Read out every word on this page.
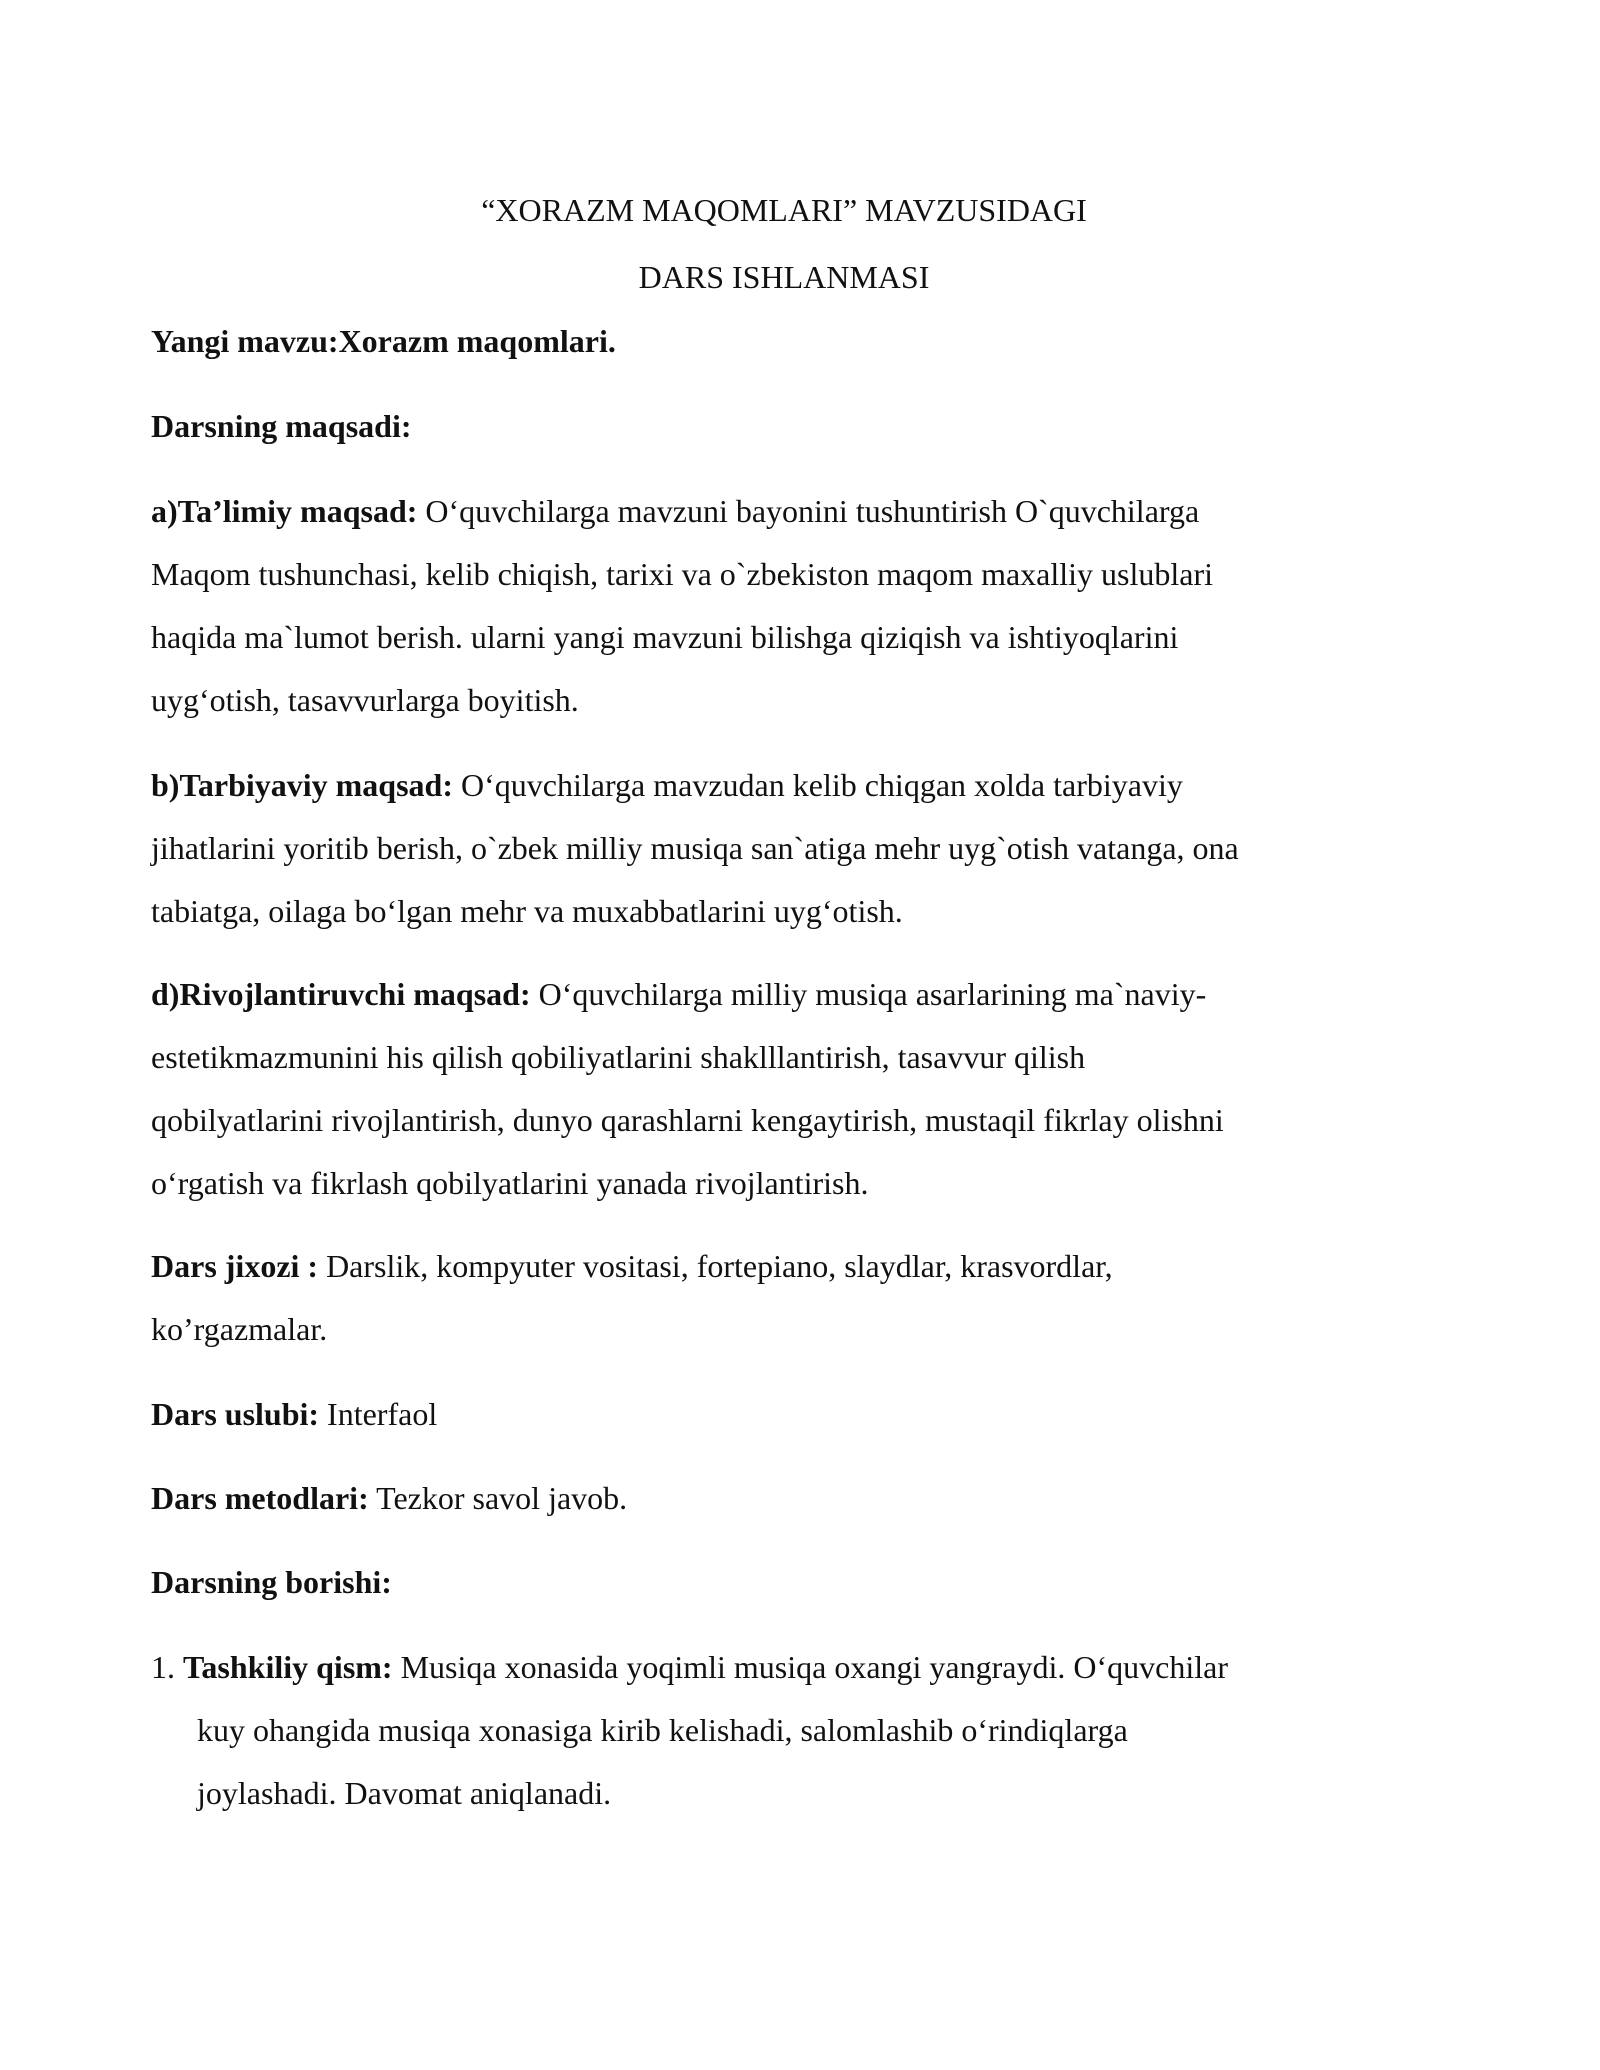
“XORAZM MAQOMLARI” MAVZUSIDAGI
DARS ISHLANMASI
Yangi mavzu:Xorazm maqomlari.
Darsning maqsadi:
a)Ta’limiy maqsad: O‘quvchilarga mavzuni bayonini tushuntirish O`quvchilarga
Maqom tushunchasi, kelib chiqish, tarixi va o`zbekiston maqom maxalliy uslublari
haqida ma`lumot berish. ularni yangi mavzuni bilishga qiziqish va ishtiyoqlarini
uyg‘otish, tasavvurlarga boyitish.
b)Tarbiyaviy maqsad: O‘quvchilarga mavzudan kelib chiqgan xolda tarbiyaviy
jihatlarini yoritib berish, o`zbek milliy musiqa san`atiga mehr uyg`otish vatanga, ona
tabiatga, oilaga bo‘lgan mehr va muxabbatlarini uyg‘otish.
d)Rivojlantiruvchi maqsad: O‘quvchilarga milliy musiqa asarlarining ma`naviy-
estetikmazmunini his qilish qobiliyatlarini shaklllantirish, tasavvur qilish
qobilyatlarini rivojlantirish, dunyo qarashlarni kengaytirish, mustaqil fikrlay olishni
o‘rgatish va fikrlash qobilyatlarini yanada rivojlantirish.
Dars jixozi : Darslik, kompyuter vositasi, fortepiano, slaydlar, krasvordlar,
ko’rgazmalar.
Dars uslubi: Interfaol
Dars metodlari: Tezkor savol javob.
Darsning borishi:
1. Tashkiliy qism: Musiqa xonasida yoqimli musiqa oxangi yangraydi. O‘quvchilar
kuy ohangida musiqa xonasiga kirib kelishadi, salomlashib o‘rindiqlarga
joylashadi. Davomat aniqlanadi.
